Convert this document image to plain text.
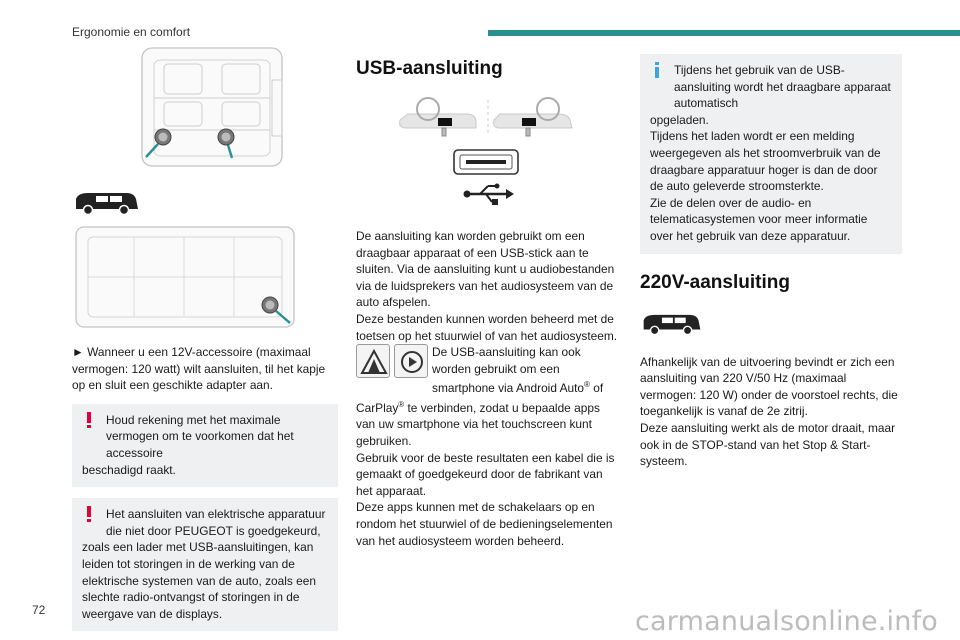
Ergonomie en comfort

► Wanneer u een 12V-accessoire (maximaal vermogen: 120 watt) wilt aansluiten, til het kapje op en sluit een geschikte adapter aan.

Houd rekening met het maximale vermogen om te voorkomen dat het accessoire
beschadigd raakt.
Het aansluiten van elektrische apparatuur die niet door PEUGEOT is goedgekeurd,
zoals een lader met USB-aansluitingen, kan leiden tot storingen in de werking van de elektrische systemen van de auto, zoals een slechte radio-ontvangst of storingen in de weergave van de displays.
USB-aansluiting

De aansluiting kan worden gebruikt om een draagbaar apparaat of een USB-stick aan te sluiten. Via de aansluiting kunt u audiobestanden via de luidsprekers van het audiosysteem van de auto afspelen.

Deze bestanden kunnen worden beheerd met de toetsen op het stuurwiel of van het audiosysteem.

De USB-aansluiting kan ook worden gebruikt om een smartphone via Android Auto® of CarPlay® te verbinden, zodat u bepaalde apps van uw smartphone via het touchscreen kunt gebruiken.

Gebruik voor de beste resultaten een kabel die is gemaakt of goedgekeurd door de fabrikant van het apparaat.

Deze apps kunnen met de schakelaars op en rondom het stuurwiel of de bedieningselementen van het audiosysteem worden beheerd.

Tijdens het gebruik van de USB-aansluiting wordt het draagbare apparaat automatisch
opgeladen.
Tijdens het laden wordt er een melding weergegeven als het stroomverbruik van de draagbare apparatuur hoger is dan de door de auto geleverde stroomsterkte.
Zie de delen over de audio- en telematicasystemen voor meer informatie over het gebruik van deze apparatuur.
220V-aansluiting

Afhankelijk van de uitvoering bevindt er zich een aansluiting van 220 V/50 Hz (maximaal vermogen: 120 W) onder de voorstoel rechts, die toegankelijk is vanaf de 2e zitrij.

Deze aansluiting werkt als de motor draait, maar ook in de STOP-stand van het Stop & Start-systeem.

72	carmanualsonline.info
